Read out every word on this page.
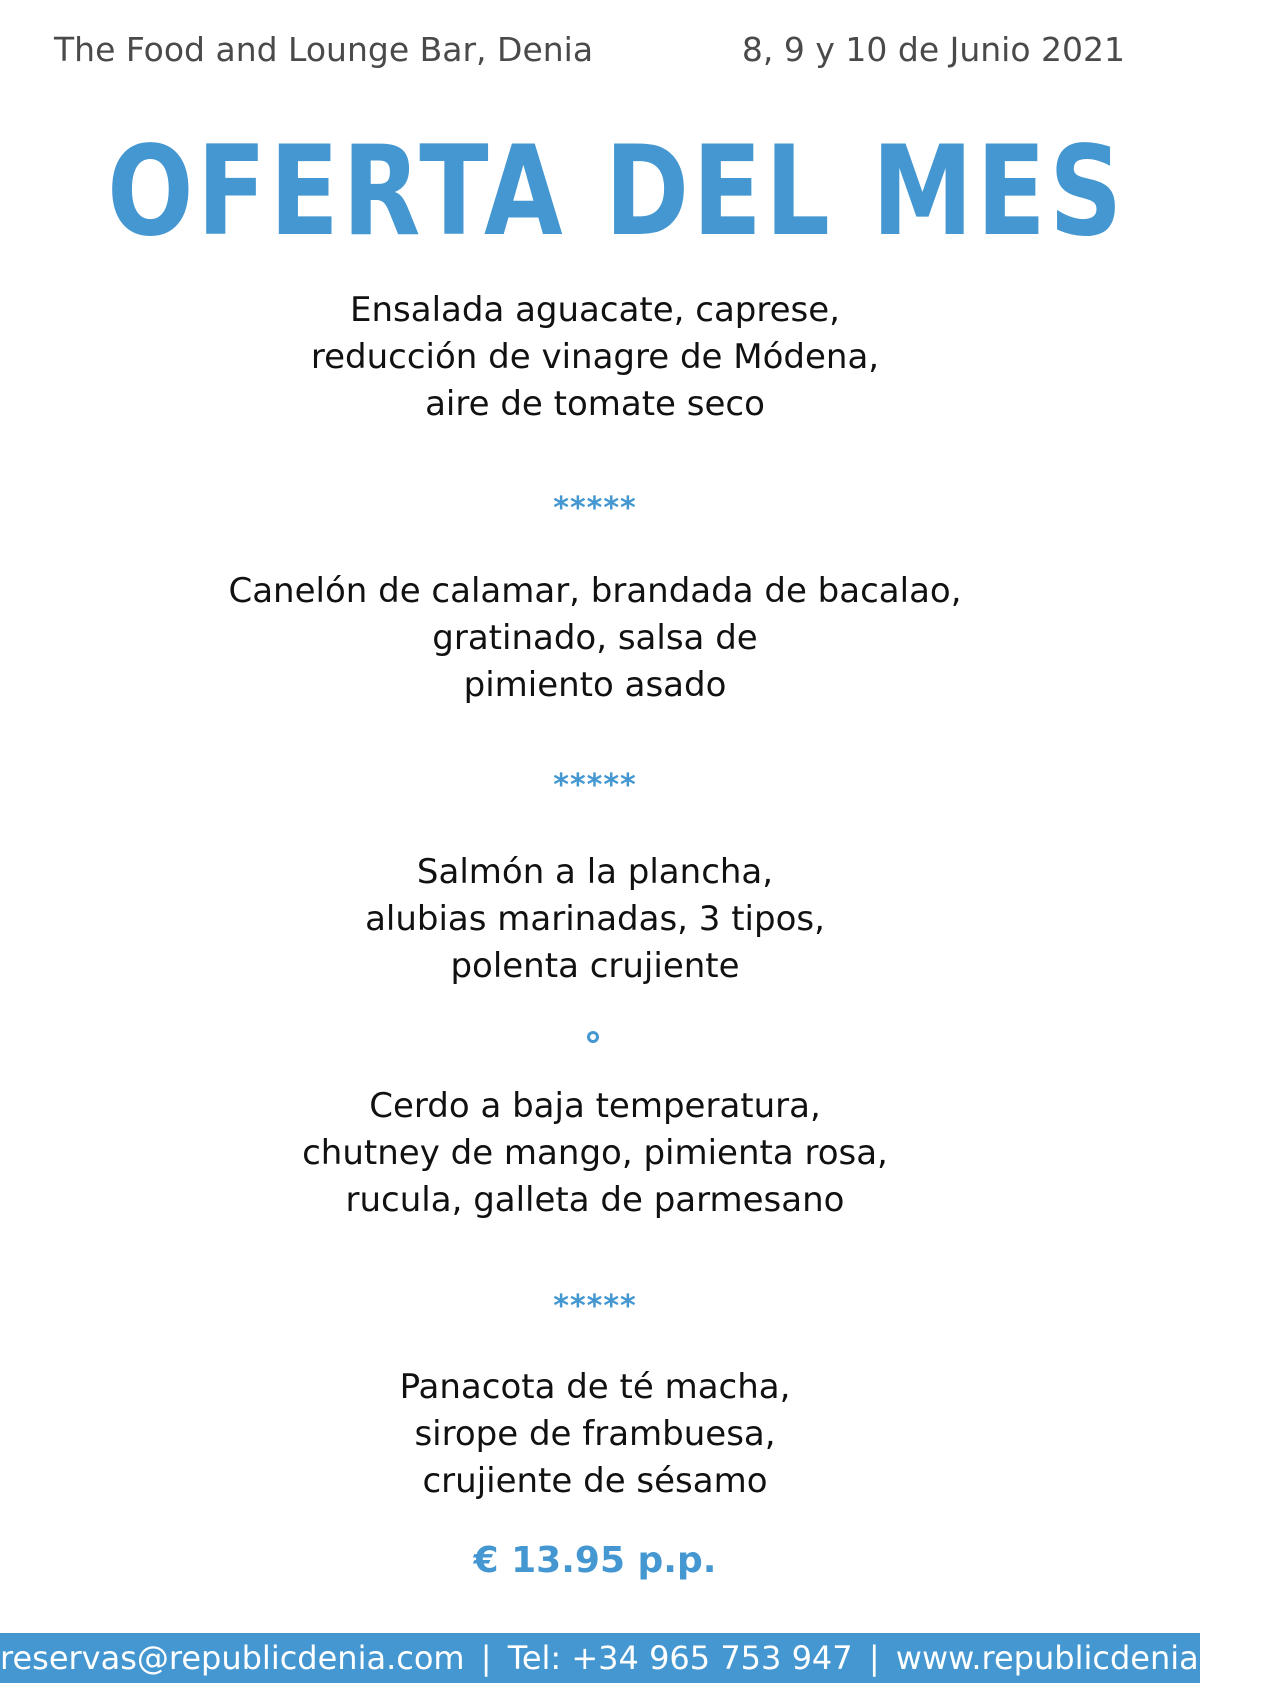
The Food and Lounge Bar, Denia	8, 9 y 10 de Junio 2021
OFERTA DEL MES
Ensalada aguacate, caprese,
reducción de vinagre de Módena,
aire de tomate seco
*****
Canelón de calamar, brandada de bacalao,
gratinado, salsa de
pimiento asado
*****
Salmón a la plancha,
alubias marinadas, 3 tipos,
polenta crujiente
Cerdo a baja temperatura,
chutney de mango, pimienta rosa,
rucula, galleta de parmesano
*****
Panacota de té macha,
sirope de frambuesa,
crujiente de sésamo
€ 13.95 p.p.
reservas@republicdenia.com | Tel: +34 965 753 947 | www.republicdenia.com
